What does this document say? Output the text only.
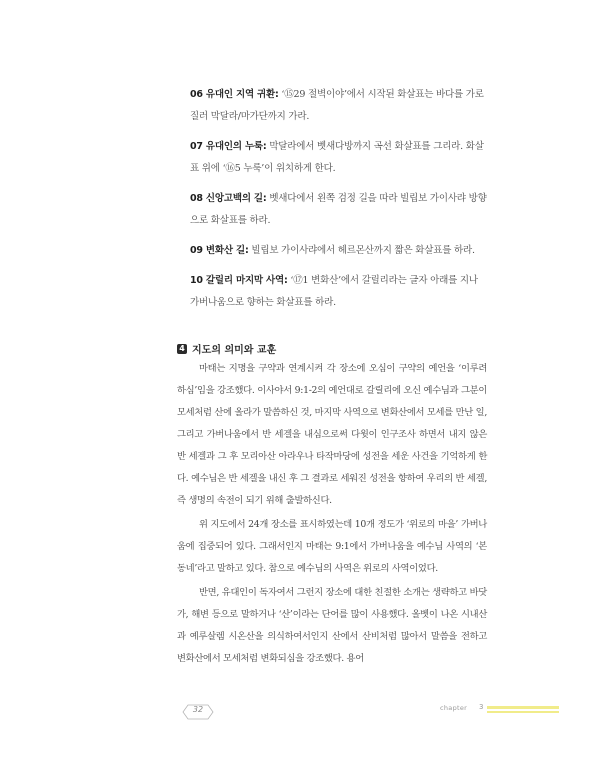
06 유대인 지역 귀환: ‘⑮29 절벽이야’에서 시작된 화살표는 바다를 가로질러 막달라/마가단까지 가라.
07 유대인의 누룩: 막달라에서 벳새다방까지 곡선 화살표를 그리라. 화살표 위에 ‘⑯5 누룩’이 위치하게 한다.
08 신앙고백의 길: 벳새다에서 왼쪽 검정 길을 따라 빌립보 가이사랴 방향으로 화살표를 하라.
09 변화산 길: 빌립보 가이사랴에서 헤르몬산까지 짧은 화살표를 하라.
10 갈릴리 마지막 사역: ‘⑰1 변화산’에서 갈릴리라는 글자 아래를 지나 가버나움으로 향하는 화살표를 하라.
4 지도의 의미와 교훈

마태는 지명을 구약과 연계시켜 각 장소에 오심이 구약의 예언을 ‘이루려 하심’임을 강조했다. 이사야서 9:1-2의 예언대로 갈릴리에 오신 예수님과 그분이 모세처럼 산에 올라가 말씀하신 것, 마지막 사역으로 변화산에서 모세를 만난 일, 그리고 가버나움에서 반 세겔을 내심으로써 다윗이 인구조사 하면서 내지 않은 반 세겔과 그 후 모리아산 아라우나 타작마당에 성전을 세운 사건을 기억하게 한다. 예수님은 반 세겔을 내신 후 그 결과로 세워진 성전을 향하여 우리의 반 세겔, 즉 생명의 속전이 되기 위해 출발하신다.

위 지도에서 24개 장소를 표시하였는데 10개 정도가 ‘위로의 마을’ 가버나움에 집중되어 있다. 그래서인지 마태는 9:1에서 가버나움을 예수님 사역의 ‘본 동네’라고 말하고 있다. 참으로 예수님의 사역은 위로의 사역이었다.

반면, 유대인이 독자여서 그런지 장소에 대한 친절한 소개는 생략하고 바닷가, 해변 등으로 말하거나 ‘산’이라는 단어를 많이 사용했다. 올벳이 나온 시내산과 예루살렘 시온산을 의식하여서인지 산에서 산비처럼 많아서 말씀을 전하고 변화산에서 모세처럼 변화되심을 강조했다. 용어

32	chapter 3
